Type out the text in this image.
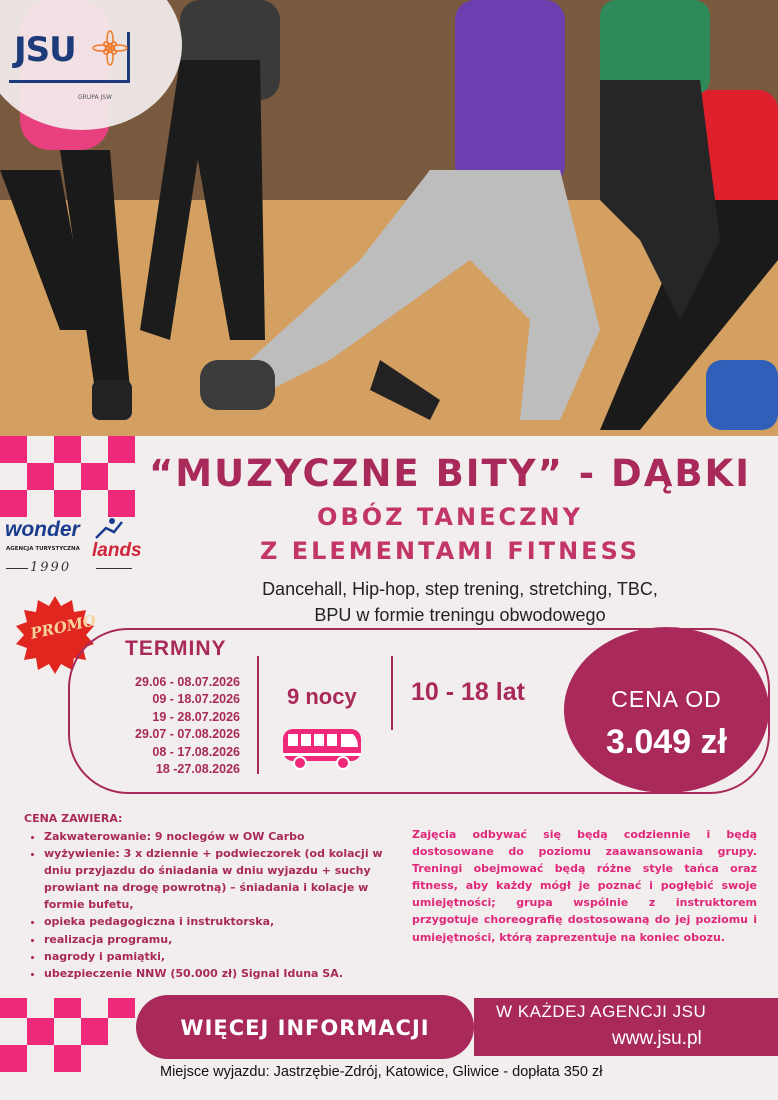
JSU
GRUPA JSW
“MUZYCZNE BITY” - DĄBKI
OBÓZ TANECZNY
Z ELEMENTAMI FITNESS
Dancehall, Hip-hop, step trening, stretching, TBC,
BPU w formie treningu obwodowego
wonder
lands
AGENCJA TURYSTYCZNA
1990
PROMO
TERMINY
29.06 - 08.07.2026
09 - 18.07.2026
19 - 28.07.2026
29.07 - 07.08.2026
08 - 17.08.2026
18 -27.08.2026
9 nocy 10 - 18 lat	CENA OD
3.049 zł
CENA ZAWIERA:
• Zakwaterowanie: 9 noclegów w OW Carbo
• wyżywienie: 3 x dziennie + podwieczorek (od kolacji w dniu przyjazdu do śniadania w dniu wyjazdu + suchy prowiant na drogę powrotną) – śniadania i kolacje w formie bufetu,
• opieka pedagogiczna i instruktorska,
• realizacja programu,
• nagrody i pamiątki,
• ubezpieczenie NNW (50.000 zł) Signal Iduna SA.
Zajęcia odbywać się będą codziennie i będą dostosowane do poziomu zaawansowania grupy. Treningi obejmować będą różne style tańca oraz fitness, aby każdy mógł je poznać i pogłębić swoje umiejętności; grupa wspólnie z instruktorem przygotuje choreografię dostosowaną do jej poziomu i umiejętności, którą zaprezentuje na koniec obozu.
WIĘCEJ INFORMACJI
W KAŻDEJ AGENCJI JSU
www.jsu.pl
Miejsce wyjazdu: Jastrzębie-Zdrój, Katowice, Gliwice - dopłata 350 zł
